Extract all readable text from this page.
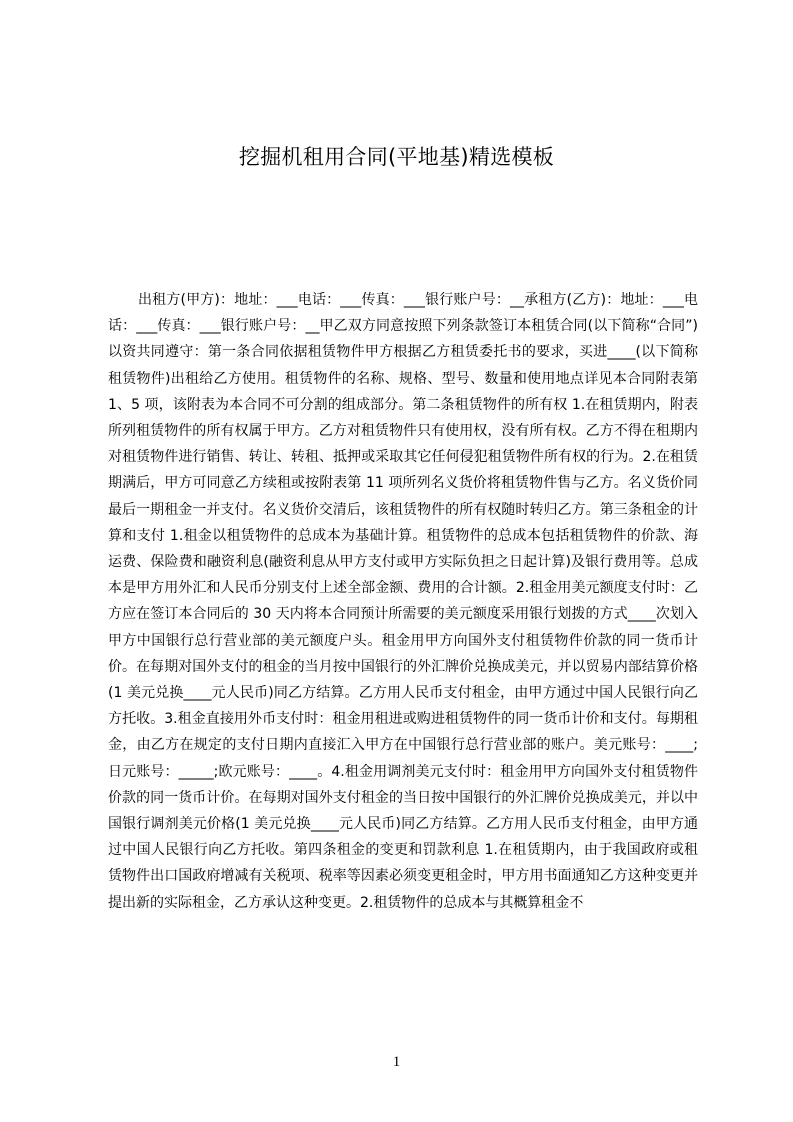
挖掘机租用合同(平地基)精选模板

出租方(甲方)：地址：___电话：___传真：___银行账户号：__承租方(乙方)：地址：___电话：___传真：___银行账户号：__甲乙双方同意按照下列条款签订本租赁合同(以下简称“合同”)以资共同遵守：第一条合同依据租赁物件甲方根据乙方租赁委托书的要求，买进____(以下简称租赁物件)出租给乙方使用。租赁物件的名称、规格、型号、数量和使用地点详见本合同附表第 1、5 项，该附表为本合同不可分割的组成部分。第二条租赁物件的所有权 1.在租赁期内，附表所列租赁物件的所有权属于甲方。乙方对租赁物件只有使用权，没有所有权。乙方不得在租期内对租赁物件进行销售、转让、转租、抵押或采取其它任何侵犯租赁物件所有权的行为。2.在租赁期满后，甲方可同意乙方续租或按附表第 11 项所列名义货价将租赁物件售与乙方。名义货价同最后一期租金一并支付。名义货价交清后，该租赁物件的所有权随时转归乙方。第三条租金的计算和支付 1.租金以租赁物件的总成本为基础计算。租赁物件的总成本包括租赁物件的价款、海运费、保险费和融资利息(融资利息从甲方支付或甲方实际负担之日起计算)及银行费用等。总成本是甲方用外汇和人民币分别支付上述全部金额、费用的合计额。2.租金用美元额度支付时：乙方应在签订本合同后的 30 天内将本合同预计所需要的美元额度采用银行划拨的方式____次划入甲方中国银行总行营业部的美元额度户头。租金用甲方向国外支付租赁物件价款的同一货币计价。在每期对国外支付的租金的当月按中国银行的外汇牌价兑换成美元，并以贸易内部结算价格(1 美元兑换____元人民币)同乙方结算。乙方用人民币支付租金，由甲方通过中国人民银行向乙方托收。3.租金直接用外币支付时：租金用租进或购进租赁物件的同一货币计价和支付。每期租金，由乙方在规定的支付日期内直接汇入甲方在中国银行总行营业部的账户。美元账号：____;日元账号：_____;欧元账号：____。4.租金用调剂美元支付时：租金用甲方向国外支付租赁物件价款的同一货币计价。在每期对国外支付租金的当日按中国银行的外汇牌价兑换成美元，并以中国银行调剂美元价格(1 美元兑换____元人民币)同乙方结算。乙方用人民币支付租金，由甲方通过中国人民银行向乙方托收。第四条租金的变更和罚款利息 1.在租赁期内，由于我国政府或租赁物件出口国政府增减有关税项、税率等因素必须变更租金时，甲方用书面通知乙方这种变更并提出新的实际租金，乙方承认这种变更。2.租赁物件的总成本与其概算租金不

1
